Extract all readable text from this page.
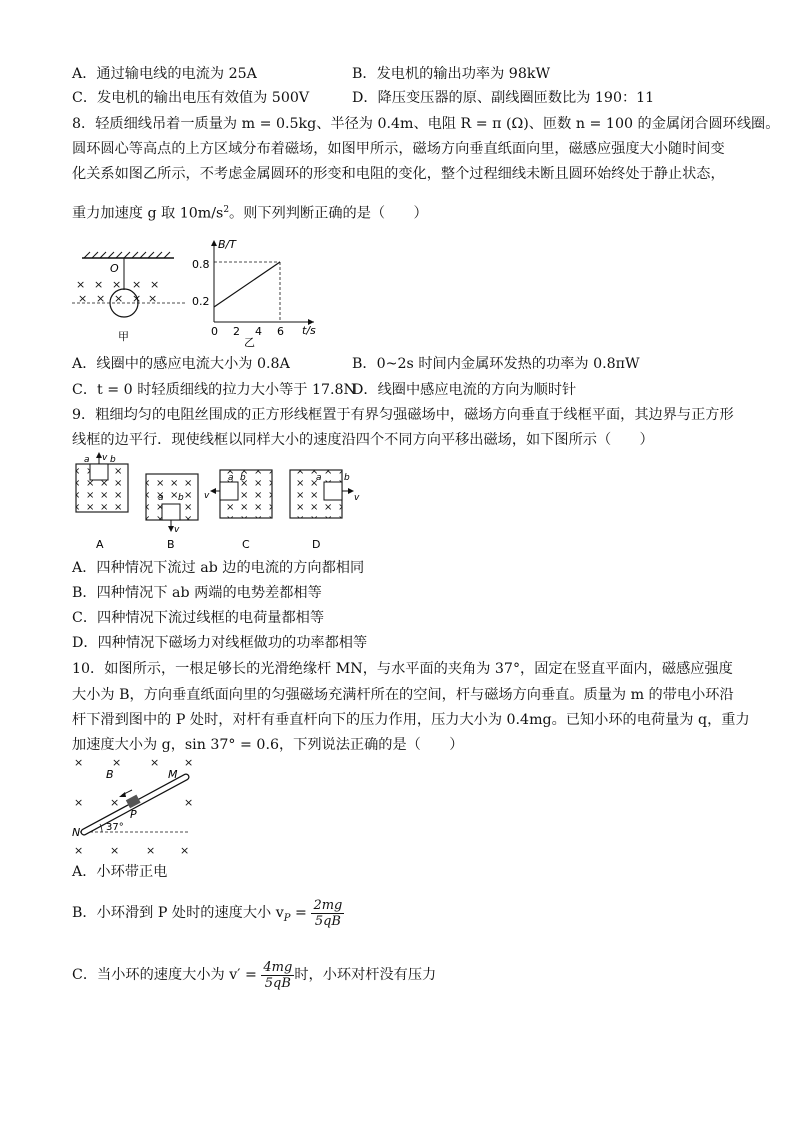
A．通过输电线的电流为 25A	B．发电机的输出功率为 98kW
C．发电机的输出电压有效值为 500V	D．降压变压器的原、副线圈匝数比为 190：11
8．轻质细线吊着一质量为 m = 0.5kg、半径为 0.4m、电阻 R = π (Ω)、匝数 n = 100 的金属闭合圆环线圈。
圆环圆心等高点的上方区域分布着磁场，如图甲所示，磁场方向垂直纸面向里，磁感应强度大小随时间变
化关系如图乙所示，不考虑金属圆环的形变和电阻的变化，整个过程细线未断且圆环始终处于静止状态，
重力加速度 g 取 $10m/s^2$。则下列判断正确的是（　　）
O
× × × × ×
× × × × ×
甲
B/T
t/s
0.8
0.2
0 2 4 6
乙
A．线圈中的感应电流大小为 0.8A	B．0~2s 时间内金属环发热的功率为 0.8πW
C．t = 0 时轻质细线的拉力大小等于 17.8N
D．线圈中感应电流的方向为顺时针
9．粗细均匀的电阻丝围成的正方形线框置于有界匀强磁场中，磁场方向垂直于线框平面，其边界与正方形
线框的边平行．现使线框以同样大小的速度沿四个不同方向平移出磁场，如下图所示（　　）
a v b
A
a b
v
B
v
a b
C
v
a b
D
A．四种情况下流过 ab 边的电流的方向都相同
B．四种情况下 ab 两端的电势差都相等
C．四种情况下流过线框的电荷量都相等
D．四种情况下磁场力对线框做功的功率都相等
10．如图所示，一根足够长的光滑绝缘杆 MN，与水平面的夹角为 37°，固定在竖直平面内，磁感应强度
大小为 B，方向垂直纸面向里的匀强磁场充满杆所在的空间，杆与磁场方向垂直。质量为 m 的带电小环沿
杆下滑到图中的 P 处时，对杆有垂直杆向下的压力作用，压力大小为 0.4mg。已知小环的电荷量为 q，重力
加速度大小为 g，sin 37° = 0.6，下列说法正确的是（　　）
×	×	× ×
×	×
×
× × × ×
B	M
N
P
37°
A．小环带正电
B．小环滑到 P 处时的速度大小 $v_P = \frac{2mg}{5qB}$
C．当小环的速度大小为 $v' = \frac{4mg}{5qB}$ 时，小环对杆没有压力
